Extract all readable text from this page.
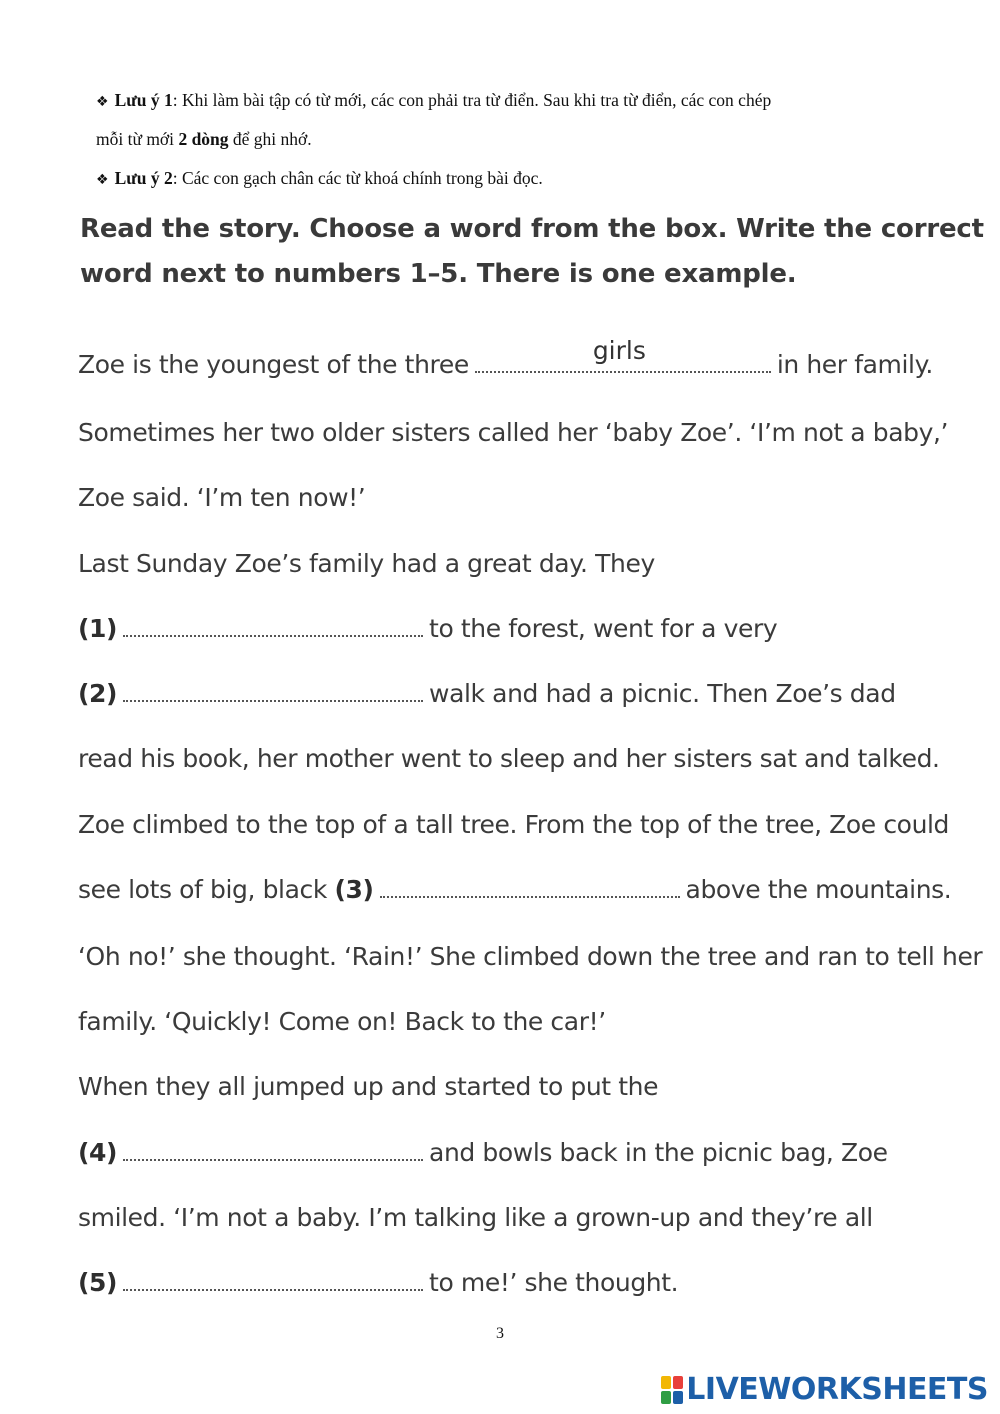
❖ Lưu ý 1: Khi làm bài tập có từ mới, các con phải tra từ điển. Sau khi tra từ điển, các con chép
mỗi từ mới 2 dòng để ghi nhớ.
❖ Lưu ý 2: Các con gạch chân các từ khoá chính trong bài đọc.
Read the story. Choose a word from the box. Write the correct
word next to numbers 1–5. There is one example.
Zoe is the youngest of the three	girls	in her family.
Sometimes her two older sisters called her ‘baby Zoe’. ‘I’m not a baby,’
Zoe said. ‘I’m ten now!’
Last Sunday Zoe’s family had a great day. They
(1)	to the forest, went for a very
(2)	walk and had a picnic. Then Zoe’s dad
read his book, her mother went to sleep and her sisters sat and talked.
Zoe climbed to the top of a tall tree. From the top of the tree, Zoe could
see lots of big, black (3)	above the mountains.
‘Oh no!’ she thought. ‘Rain!’ She climbed down the tree and ran to tell her
family. ‘Quickly! Come on! Back to the car!’
When they all jumped up and started to put the
(4)	and bowls back in the picnic bag, Zoe
smiled. ‘I’m not a baby. I’m talking like a grown-up and they’re all
(5)	to me!’ she thought.
3
LIVEWORKSHEETS
